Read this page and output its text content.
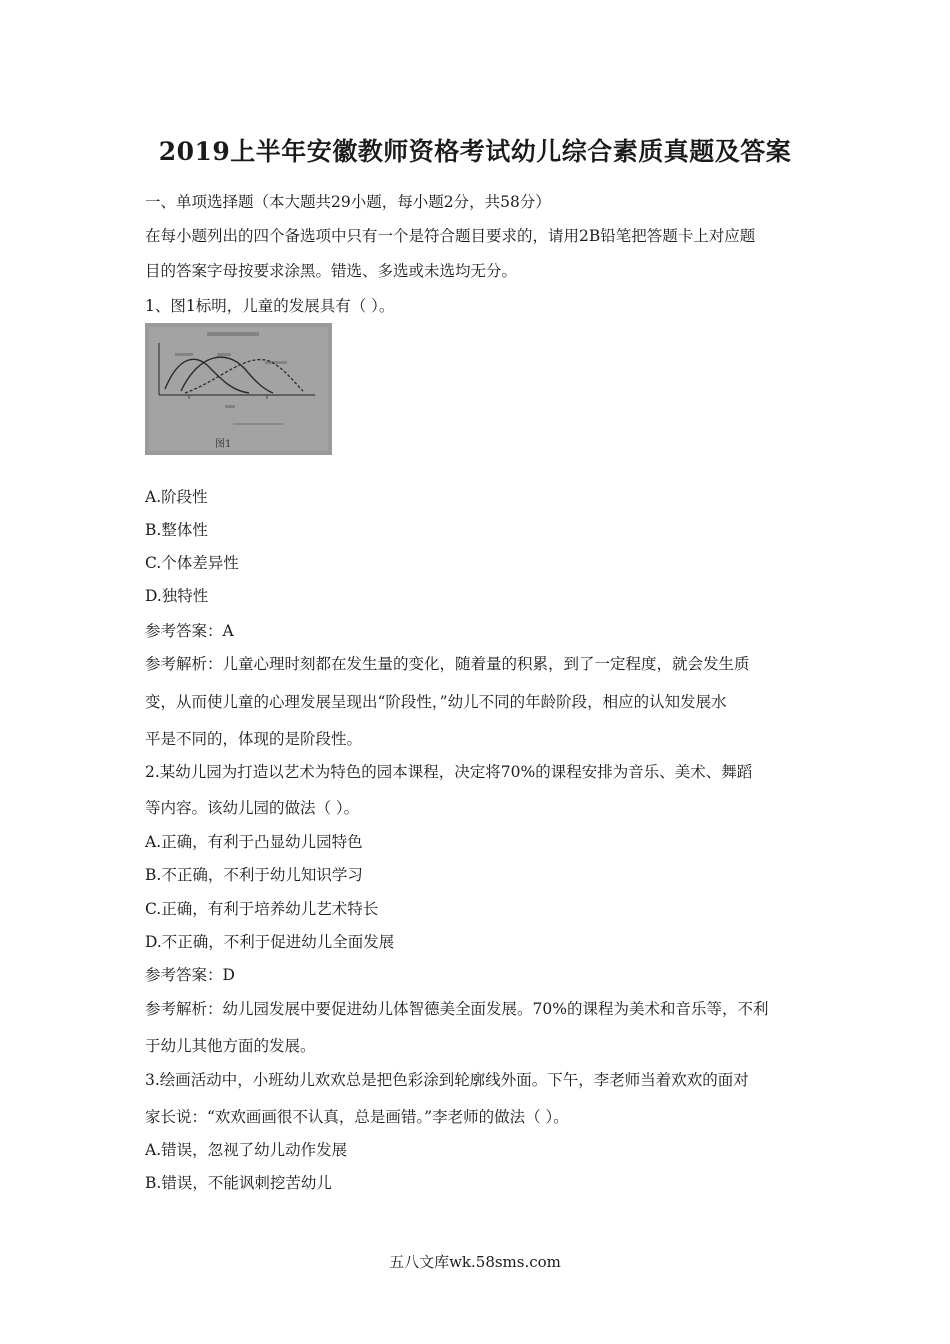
2019上半年安徽教师资格考试幼儿综合素质真题及答案
一、单项选择题（本大题共29小题，每小题2分，共58分）
在每小题列出的四个备选项中只有一个是符合题目要求的，请用2B铅笔把答题卡上对应题
目的答案字母按要求涂黑。错选、多选或未选均无分。
1、图1标明，儿童的发展具有（ ）。
图1
A.阶段性
B.整体性
C.个体差异性
D.独特性
参考答案：A
参考解析：儿童心理时刻都在发生量的变化，随着量的积累，到了一定程度，就会发生质
变，从而使儿童的心理发展呈现出“阶段性，”幼儿不同的年龄阶段，相应的认知发展水
平是不同的，体现的是阶段性。
2.某幼儿园为打造以艺术为特色的园本课程，决定将70%的课程安排为音乐、美术、舞蹈
等内容。该幼儿园的做法（ ）。
A.正确，有利于凸显幼儿园特色
B.不正确，不利于幼儿知识学习
C.正确，有利于培养幼儿艺术特长
D.不正确，不利于促进幼儿全面发展
参考答案：D
参考解析：幼儿园发展中要促进幼儿体智德美全面发展。70%的课程为美术和音乐等，不利
于幼儿其他方面的发展。
3.绘画活动中，小班幼儿欢欢总是把色彩涂到轮廓线外面。下午，李老师当着欢欢的面对
家长说：“欢欢画画很不认真，总是画错。”李老师的做法（ ）。
A.错误，忽视了幼儿动作发展
B.错误，不能讽刺挖苦幼儿
五八文库wk.58sms.com
